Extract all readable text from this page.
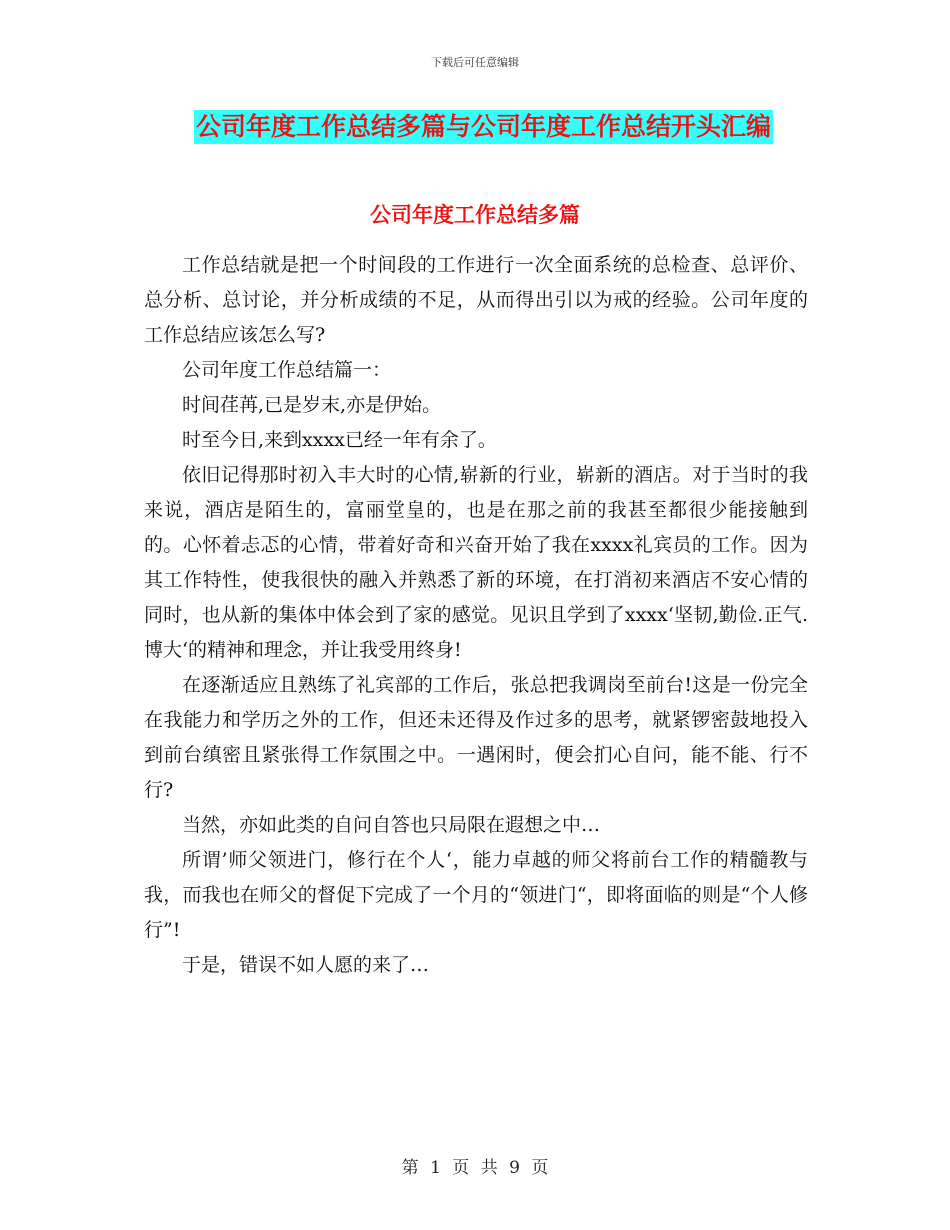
下载后可任意编辑
公司年度工作总结多篇与公司年度工作总结开头汇编
公司年度工作总结多篇

工作总结就是把一个时间段的工作进行一次全面系统的总检查、总评价、总分析、总讨论，并分析成绩的不足，从而得出引以为戒的经验。公司年度的工作总结应该怎么写?

公司年度工作总结篇一：

时间荏苒,已是岁末,亦是伊始。

时至今日,来到xxxx已经一年有余了。

依旧记得那时初入丰大时的心情,崭新的行业，崭新的酒店。对于当时的我来说，酒店是陌生的，富丽堂皇的，也是在那之前的我甚至都很少能接触到的。心怀着忐忑的心情，带着好奇和兴奋开始了我在xxxx礼宾员的工作。因为其工作特性，使我很快的融入并熟悉了新的环境，在打消初来酒店不安心情的同时，也从新的集体中体会到了家的感觉。见识且学到了xxxx‘坚韧,勤俭.正气.博大‘的精神和理念，并让我受用终身!

在逐渐适应且熟练了礼宾部的工作后，张总把我调岗至前台!这是一份完全在我能力和学历之外的工作，但还未还得及作过多的思考，就紧锣密鼓地投入到前台缜密且紧张得工作氛围之中。一遇闲时，便会扪心自问，能不能、行不行?

当然，亦如此类的自问自答也只局限在遐想之中…

所谓’师父领进门，修行在个人‘，能力卓越的师父将前台工作的精髓教与我，而我也在师父的督促下完成了一个月的“领进门“，即将面临的则是“个人修行”!

于是，错误不如人愿的来了…

第 1 页 共 9 页
